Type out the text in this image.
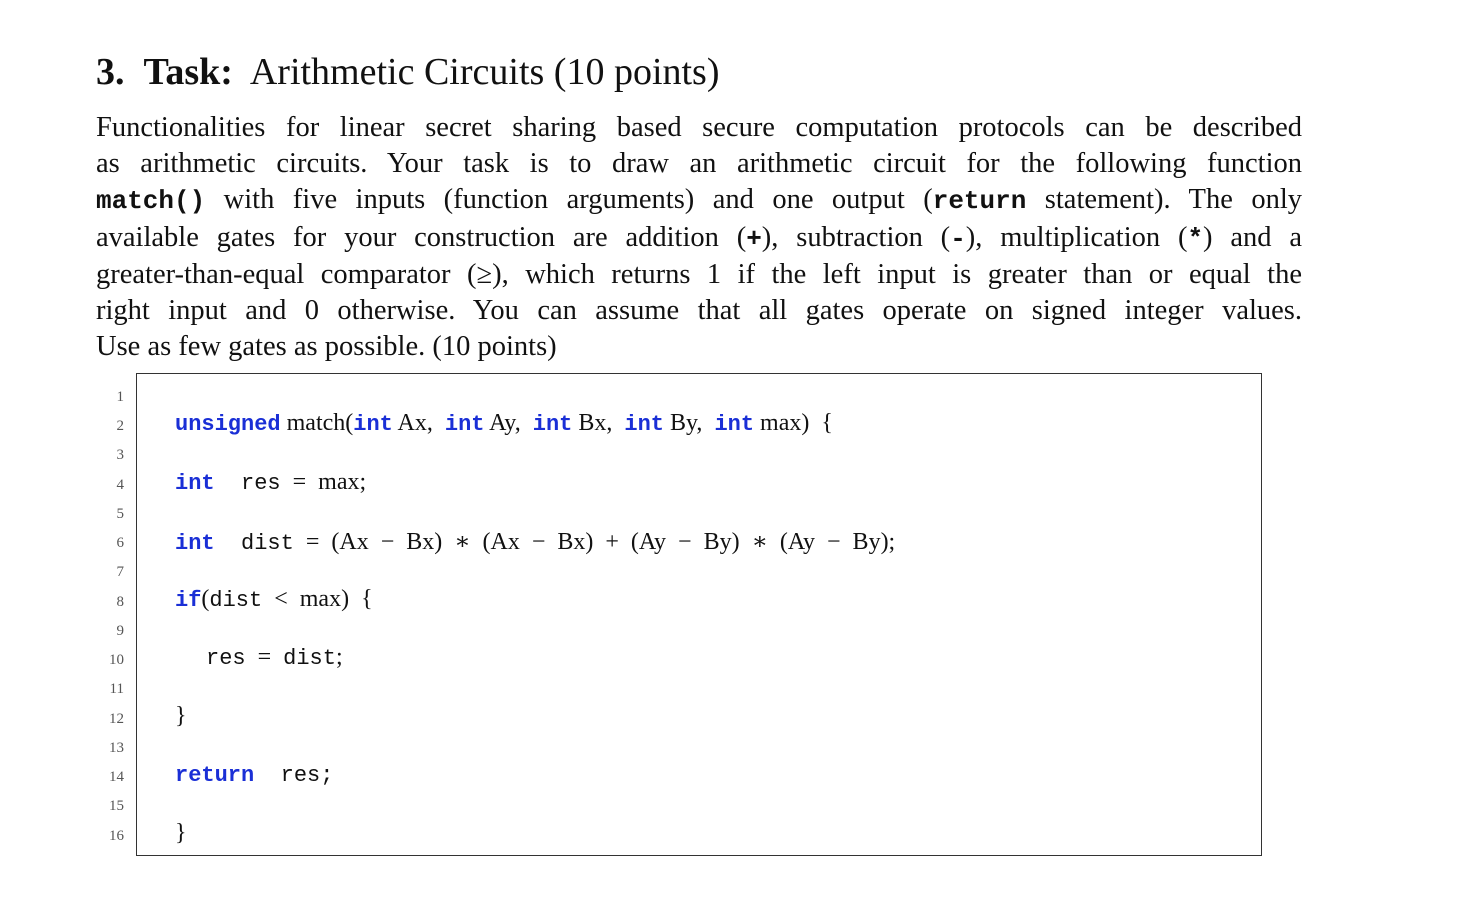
3. Task: Arithmetic Circuits (10 points)
Functionalities for linear secret sharing based secure computation protocols can be described
as arithmetic circuits. Your task is to draw an arithmetic circuit for the following function
match() with five inputs (function arguments) and one output (return statement). The only
available gates for your construction are addition (+), subtraction (-), multiplication (*) and a
greater-than-equal comparator (≥), which returns 1 if the left input is greater than or equal the
right input and 0 otherwise. You can assume that all gates operate on signed integer values.
Use as few gates as possible. (10 points)
1
2
3
4
5
6
7
8
9
10
11
12
13
14
15
16
unsigned match(int Ax,  int Ay,  int Bx,  int By,  int max)  {
int  res  =  max;
int  dist  =  (Ax  −  Bx)  ∗  (Ax  −  Bx)  +  (Ay  −  By)  ∗  (Ay  −  By);
if(dist  <  max)  {
res  =  dist;
}
return  res;
}
